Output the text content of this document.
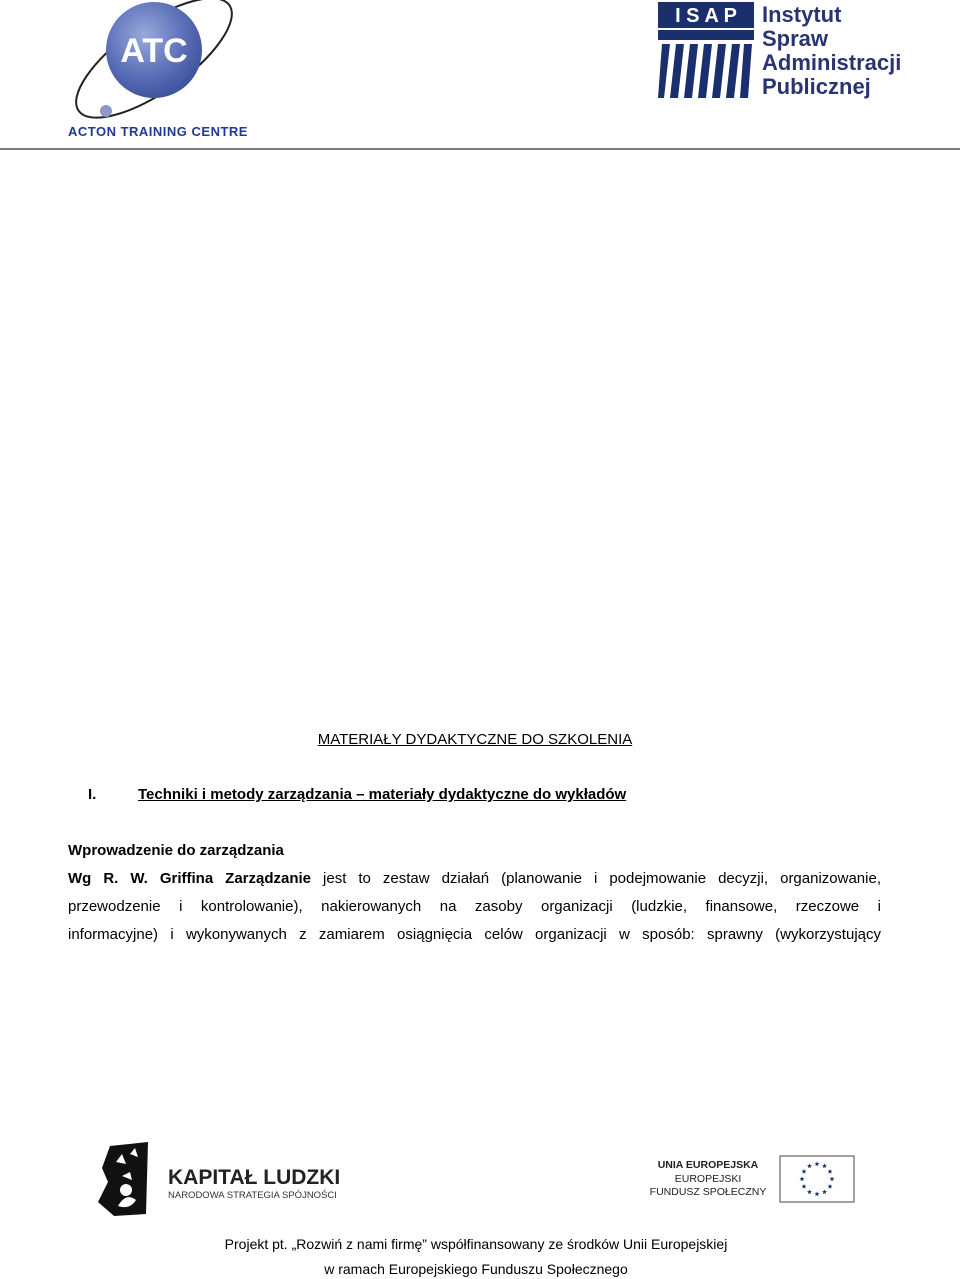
ATC
ACTON TRAINING CENTRE
I S A P Instytut
Spraw
Administracji
Publicznej
MATERIAŁY DYDAKTYCZNE DO SZKOLENIA
I.	Techniki i metody zarządzania – materiały dydaktyczne do wykładów
Wprowadzenie do zarządzania
Wg R. W. Griffina Zarządzanie jest to zestaw działań (planowanie i podejmowanie decyzji, organizowanie,
przewodzenie i kontrolowanie), nakierowanych na zasoby organizacji (ludzkie, finansowe, rzeczowe i
informacyjne) i wykonywanych z zamiarem osiągnięcia celów organizacji w sposób: sprawny (wykorzystujący
KAPITAŁ LUDZKI
NARODOWA STRATEGIA SPÓJNOŚCI
UNIA EUROPEJSKA
EUROPEJSKI
FUNDUSZ SPOŁECZNY
Projekt pt. „Rozwiń z nami firmę” współfinansowany ze środków Unii Europejskiej
w ramach Europejskiego Funduszu Społecznego
